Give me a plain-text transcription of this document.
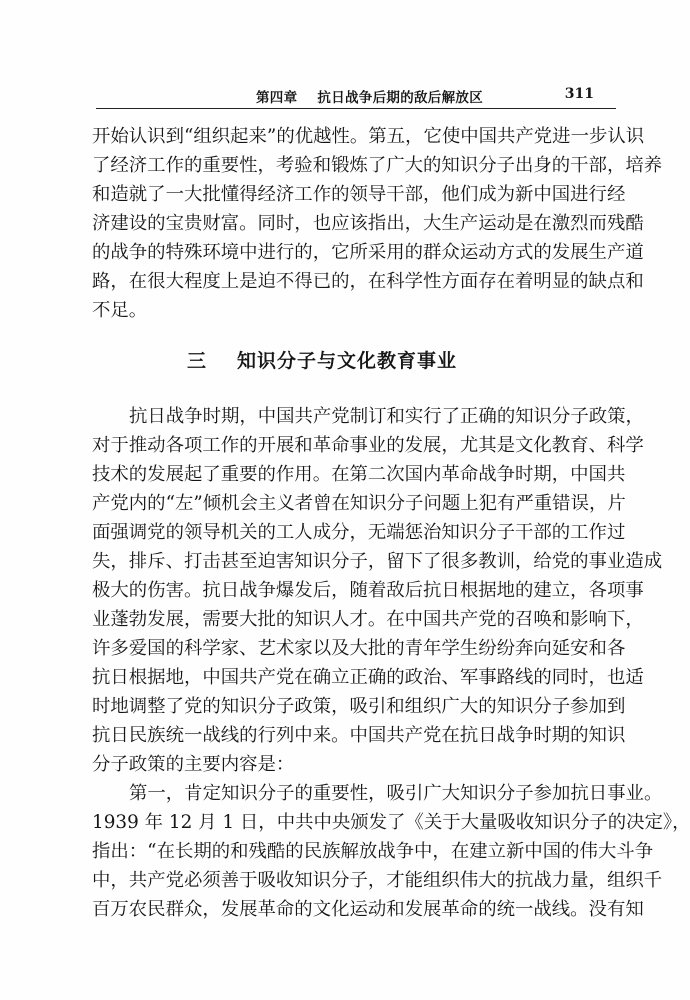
第四章    抗日战争后期的敌后解放区	311
开始认识到“组织起来”的优越性。第五，它使中国共产党进一步认识
了经济工作的重要性，考验和锻炼了广大的知识分子出身的干部，培养
和造就了一大批懂得经济工作的领导干部，他们成为新中国进行经
济建设的宝贵财富。同时，也应该指出，大生产运动是在激烈而残酷
的战争的特殊环境中进行的，它所采用的群众运动方式的发展生产道
路，在很大程度上是迫不得已的，在科学性方面存在着明显的缺点和
不足。
三 知识分子与文化教育事业
抗日战争时期，中国共产党制订和实行了正确的知识分子政策，
对于推动各项工作的开展和革命事业的发展，尤其是文化教育、科学
技术的发展起了重要的作用。在第二次国内革命战争时期，中国共
产党内的“左”倾机会主义者曾在知识分子问题上犯有严重错误，片
面强调党的领导机关的工人成分，无端惩治知识分子干部的工作过
失，排斥、打击甚至迫害知识分子，留下了很多教训，给党的事业造成
极大的伤害。抗日战争爆发后，随着敌后抗日根据地的建立，各项事
业蓬勃发展，需要大批的知识人才。在中国共产党的召唤和影响下，
许多爱国的科学家、艺术家以及大批的青年学生纷纷奔向延安和各
抗日根据地，中国共产党在确立正确的政治、军事路线的同时，也适
时地调整了党的知识分子政策，吸引和组织广大的知识分子参加到
抗日民族统一战线的行列中来。中国共产党在抗日战争时期的知识
分子政策的主要内容是：
第一，肯定知识分子的重要性，吸引广大知识分子参加抗日事业。
1939 年 12 月 1 日，中共中央颁发了《关于大量吸收知识分子的决定》，
指出：“在长期的和残酷的民族解放战争中，在建立新中国的伟大斗争
中，共产党必须善于吸收知识分子，才能组织伟大的抗战力量，组织千
百万农民群众，发展革命的文化运动和发展革命的统一战线。没有知
